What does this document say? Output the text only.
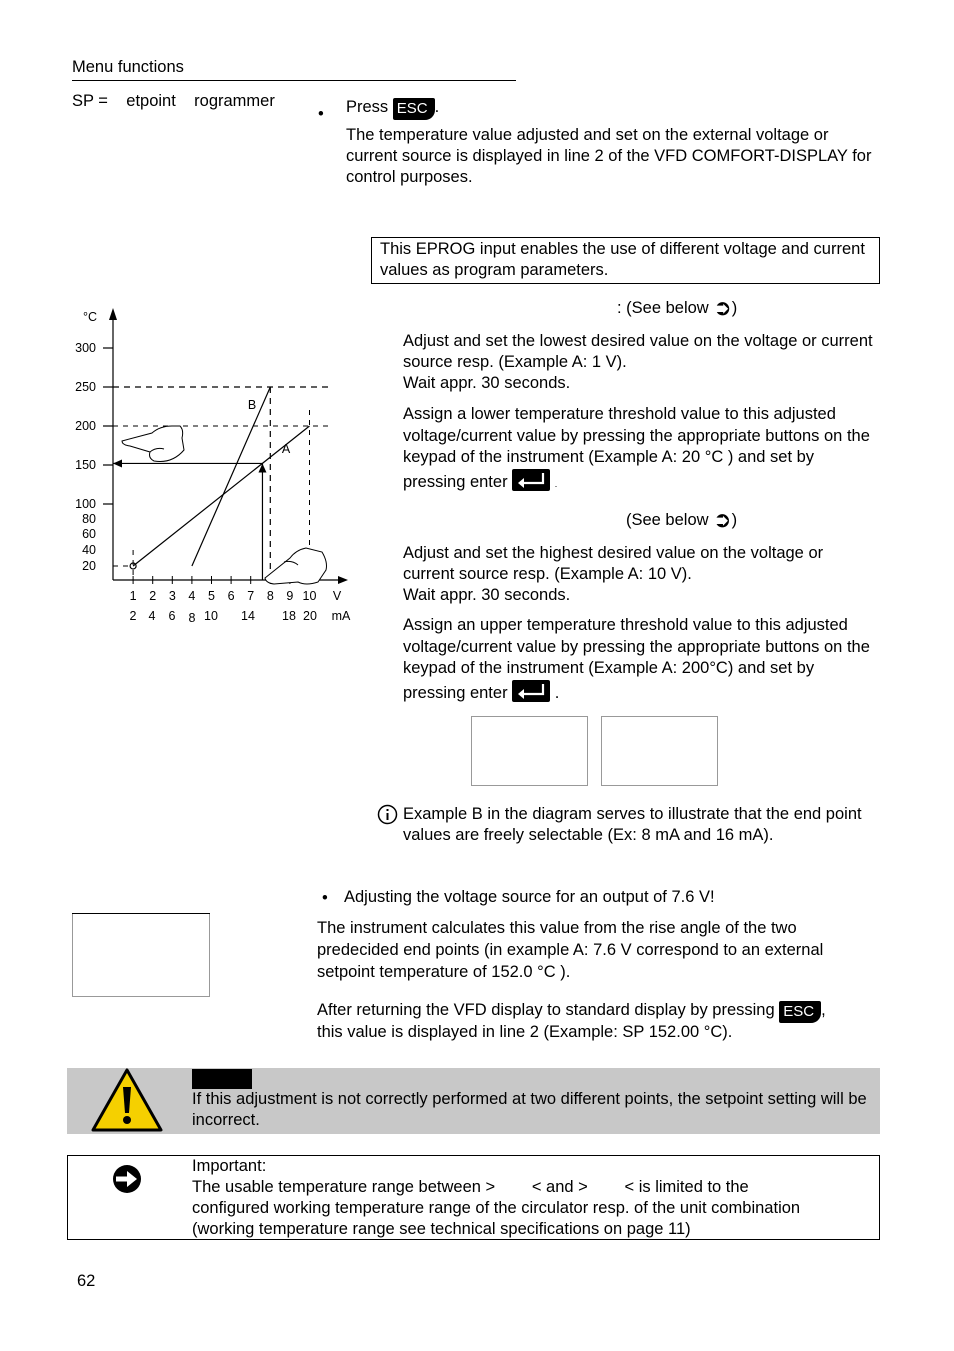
Menu functions
SP =    etpoint    rogrammer
• Press ESC .
The temperature value adjusted and set on the external voltage or current source is displayed in line 2 of the VFD COMFORT-DISPLAY for control purposes.
This EPROG input enables the use of different voltage and current values as program parameters.
: (See below ➲)
Adjust and set the lowest desired value on the voltage or current source resp. (Example A: 1 V).
Wait appr. 30 seconds.
Assign a lower temperature threshold value to this adjusted voltage/current value by pressing the appropriate buttons on the keypad of the instrument (Example A: 20 °C ) and set by pressing enter	.
(See below ➲)
Adjust and set the highest desired value on the voltage or current source resp. (Example A: 10 V).
Wait appr. 30 seconds.
Assign an upper temperature threshold value to this adjusted voltage/current value by pressing the appropriate buttons on the keypad of the instrument (Example A: 200°C) and set by pressing enter	.
Example B in the diagram serves to illustrate that the end point values are freely selectable (Ex: 8 mA and 16 mA).
• Adjusting the voltage source for an output of 7.6 V!
The instrument calculates this value from the rise angle of the two predecided end points (in example A: 7.6 V correspond to an external setpoint temperature of 152.0 °C ).
After returning the VFD display to standard display by pressing ESC ,
this value is displayed in line 2 (Example: SP 152.00 °C).
If this adjustment is not correctly performed at two different points, the setpoint setting will be incorrect.
Important:
The usable temperature range between >        < and >        < is limited to the
configured working temperature range of the circulator resp. of the unit combination
(working temperature range see technical specifications on page 11)
62
°C
300
250
200
150
100
80
60
40
20
1 2 3 4 5 6 7 8 9 10 V
2 4 6 8 10 14 18 20 mA
A
B
